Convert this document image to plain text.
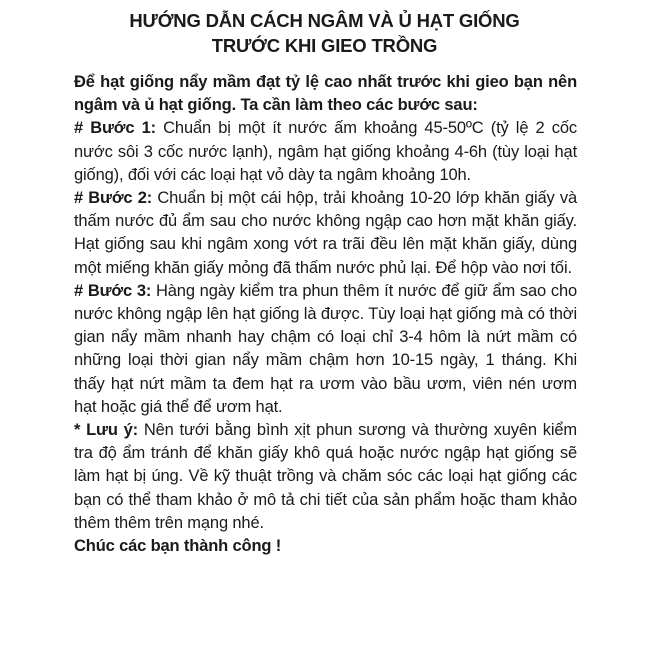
HƯỚNG DẪN CÁCH NGÂM VÀ Ủ HẠT GIỐNG
TRƯỚC KHI GIEO TRỒNG

Để hạt giống nẩy mầm đạt tỷ lệ cao nhất trước khi gieo bạn nên ngâm và ủ hạt giống. Ta cần làm theo các bước sau:

# Bước 1: Chuẩn bị một ít nước ấm khoảng 45-50ºC (tỷ lệ 2 cốc nước sôi 3 cốc nước lạnh), ngâm hạt giống khoảng 4-6h (tùy loại hạt giống), đối với các loại hạt vỏ dày ta ngâm khoảng 10h.

# Bước 2: Chuẩn bị một cái hộp, trải khoảng 10-20 lớp khăn giấy và thấm nước đủ ẩm sau cho nước không ngập cao hơn mặt khăn giấy. Hạt giống sau khi ngâm xong vớt ra trãi đều lên mặt khăn giấy, dùng một miếng khăn giấy mỏng đã thấm nước phủ lại. Để hộp vào nơi tối.

# Bước 3: Hàng ngày kiểm tra phun thêm ít nước để giữ ẩm sao cho nước không ngập lên hạt giống là được. Tùy loại hạt giống mà có thời gian nẩy mầm nhanh hay chậm có loại chỉ 3-4 hôm là nứt mầm có những loại thời gian nẩy mầm chậm hơn 10-15 ngày, 1 tháng. Khi thấy hạt nứt mầm ta đem hạt ra ươm vào bầu ươm, viên nén ươm hạt hoặc giá thể để ươm hạt.

* Lưu ý: Nên tưới bằng bình xịt phun sương và thường xuyên kiểm tra độ ẩm tránh để khăn giấy khô quá hoặc nước ngập hạt giống sẽ làm hạt bị úng. Về kỹ thuật trồng và chăm sóc các loại hạt giống các bạn có thể tham khảo ở mô tả chi tiết của sản phẩm hoặc tham khảo thêm thêm trên mạng nhé.

Chúc các bạn thành công !
